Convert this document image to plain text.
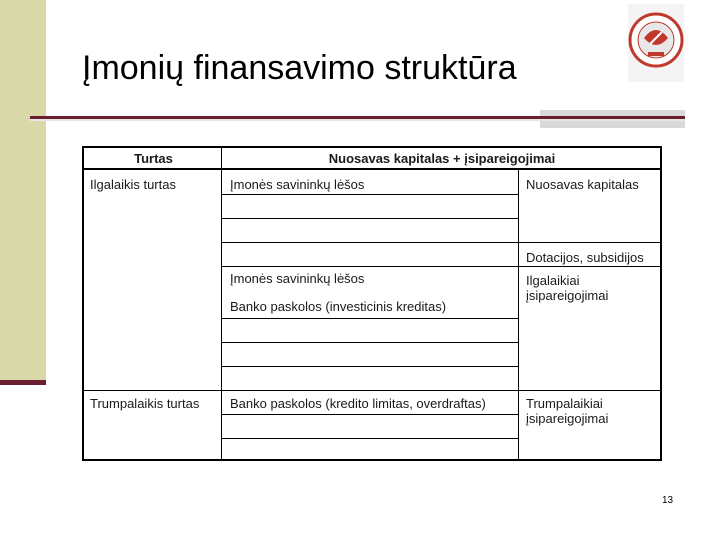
Įmonių finansavimo struktūra
Turtas	Nuosavas kapitalas + įsipareigojimai
Ilgalaikis turtas
Trumpalaikis turtas
Įmonės savininkų lėšos
Įmonės savininkų lėšos
Banko paskolos (investicinis kreditas)
Banko paskolos (kredito limitas, overdraftas)
Nuosavas kapitalas
Dotacijos, subsidijos
Ilgalaikiai įsipareigojimai
Trumpalaikiai įsipareigojimai
13
